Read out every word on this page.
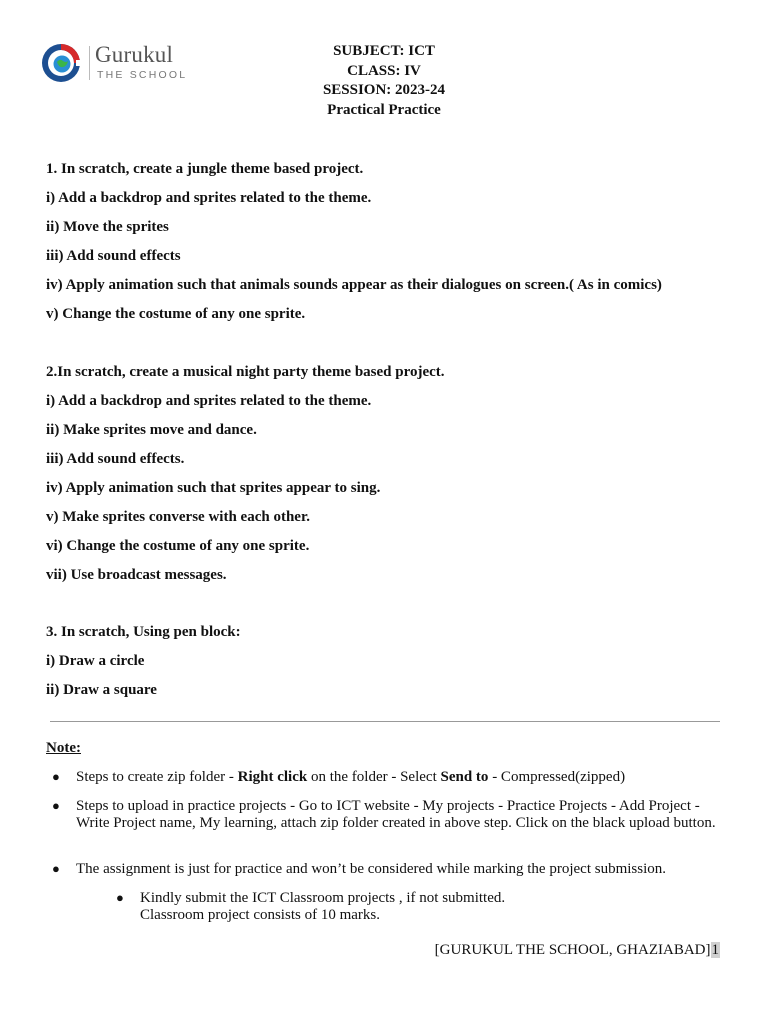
Gurukul
THE SCHOOL
SUBJECT: ICT
CLASS: IV
SESSION: 2023-24
Practical Practice
1. In scratch, create a jungle theme based project.
i) Add a backdrop and sprites related to the theme.
ii) Move the sprites
iii) Add sound effects
iv) Apply animation such that animals sounds appear as their dialogues on screen.( As in comics)
v) Change the costume of any one sprite.
2.In scratch, create a musical night party theme based project.
i) Add a backdrop and sprites related to the theme.
ii) Make sprites move and dance.
iii) Add sound effects.
iv) Apply animation such that sprites appear to sing.
v) Make sprites converse with each other.
vi) Change the costume of any one sprite.
vii) Use broadcast messages.
3. In scratch, Using pen block:
i) Draw a circle
ii) Draw a square
Note:
● Steps to create zip folder - Right click on the folder - Select Send to - Compressed(zipped)
● Steps to upload in practice projects - Go to ICT website - My projects - Practice Projects - Add Project - Write Project name, My learning, attach zip folder created in above step. Click on the black upload button.
● The assignment is just for practice and won’t be considered while marking the project submission.
● Kindly submit the ICT Classroom projects , if not submitted.
Classroom project consists of 10 marks.
[GURUKUL THE SCHOOL, GHAZIABAD]1
